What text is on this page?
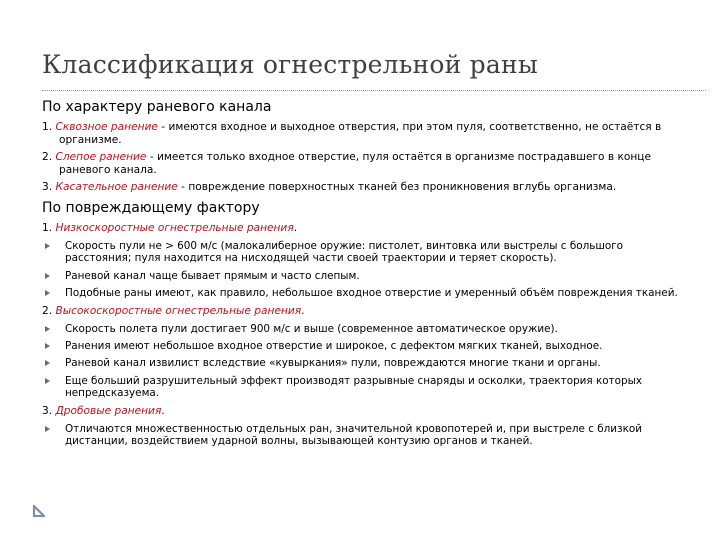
Классификация огнестрельной раны
По характеру раневого канала
1. Сквозное ранение - имеются входное и выходное отверстия, при этом пуля, соответственно, не остаётся в организме.
2. Слепое ранение - имеется только входное отверстие, пуля остаётся в организме пострадавшего в конце раневого канала.
3. Касательное ранение - повреждение поверхностных тканей без проникновения вглубь организма.
По повреждающему фактору
1. Низкоскоростные огнестрельные ранения.
Скорость пули не > 600 м/с (малокалиберное оружие: пистолет, винтовка или выстрелы с большого расстояния; пуля находится на нисходящей части своей траектории и теряет скорость).
Раневой канал чаще бывает прямым и часто слепым.
Подобные раны имеют, как правило, небольшое входное отверстие и умеренный объём повреждения тканей.
2. Высокоскоростные огнестрельные ранения.
Скорость полета пули достигает 900 м/с и выше (современное автоматическое оружие).
Ранения имеют небольшое входное отверстие и широкое, с дефектом мягких тканей, выходное.
Раневой канал извилист вследствие «кувыркания» пули, повреждаются многие ткани и органы.
Еще больший разрушительный эффект производят разрывные снаряды и осколки, траектория которых непредсказуема.
3. Дробовые ранения.
Отличаются множественностью отдельных ран, значительной кровопотерей и, при выстреле с близкой дистанции, воздействием ударной волны, вызывающей контузию органов и тканей.
